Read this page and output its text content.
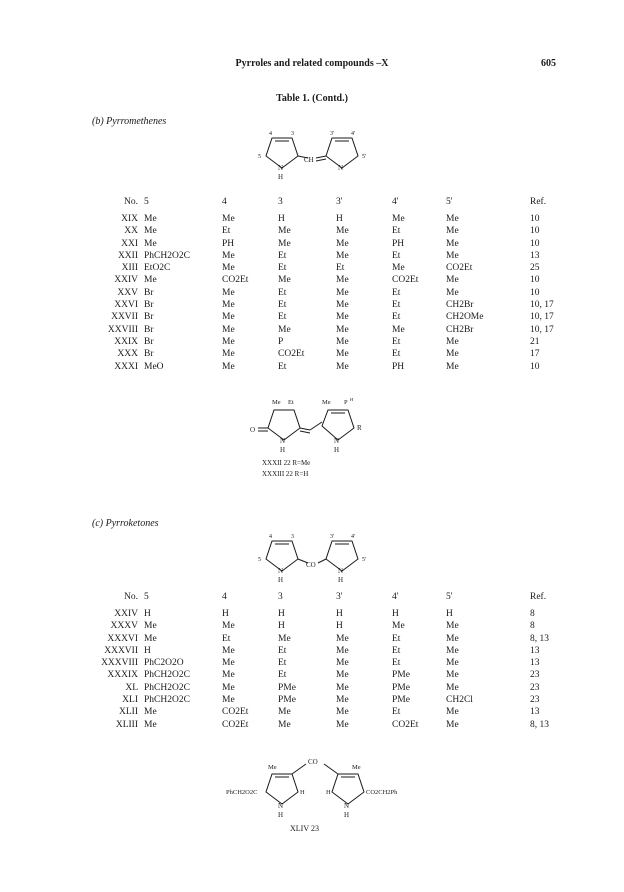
Pyrroles and related compounds –X	605
Table 1. (Contd.)
(b) Pyrromethenes
4	3
5
N
H
CH
3'	4'
5'
N
No.	5	4	3	3'	4'	5'	Ref.
XIX	Me	Me	H	H	Me	Me	10
XX	Me	Et	Me	Me	Et	Me	10
XXI	Me	PH	Me	Me	PH	Me	10
XXII	PhCH2O2C	Me	Et	Me	Et	Me	13
XIII	EtO2C	Me	Et	Et	Me	CO2Et	25
XXIV	Me	CO2Et	Me	Me	CO2Et	Me	10
XXV	Br	Me	Et	Me	Et	Me	10
XXVI	Br	Me	Et	Me	Et	CH2Br	10, 17
XXVII	Br	Me	Et	Me	Et	CH2OMe	10, 17
XXVIII	Br	Me	Me	Me	Me	CH2Br	10, 17
XXIX	Br	Me	P	Me	Et	Me	21
XXX	Br	Me	CO2Et	Me	Et	Me	17
XXXI	MeO	Me	Et	Me	PH	Me	10
Me Et	Me P H
O
N
H
N
H
R
XXXII 22 R=Me
XXXIII 22 R=H
(c) Pyrroketones
4	3
5
N
H
CO
3'	4'
5'
N
H
No.	5	4	3	3'	4'	5'	Ref.
XXIV	H	H	H	H	H	H	8
XXXV	Me	Me	H	H	Me	Me	8
XXXVI	Me	Et	Me	Me	Et	Me	8, 13
XXXVII	H	Me	Et	Me	Et	Me	13
XXXVIII	PhC2O2O	Me	Et	Me	Et	Me	13
XXXIX	PhCH2O2C	Me	Et	Me	PMe	Me	23
XL	PhCH2O2C	Me	PMe	Me	PMe	Me	23
XLI	PhCH2O2C	Me	PMe	Me	PMe	CH2Cl	23
XLII	Me	CO2Et	Me	Me	Et	Me	13
XLIII	Me	CO2Et	Me	Me	CO2Et	Me	8, 13
CO
Me	Me
PhCH2O2C	CO2CH2Ph
H	H
N
H
N
H
XLIV 23
